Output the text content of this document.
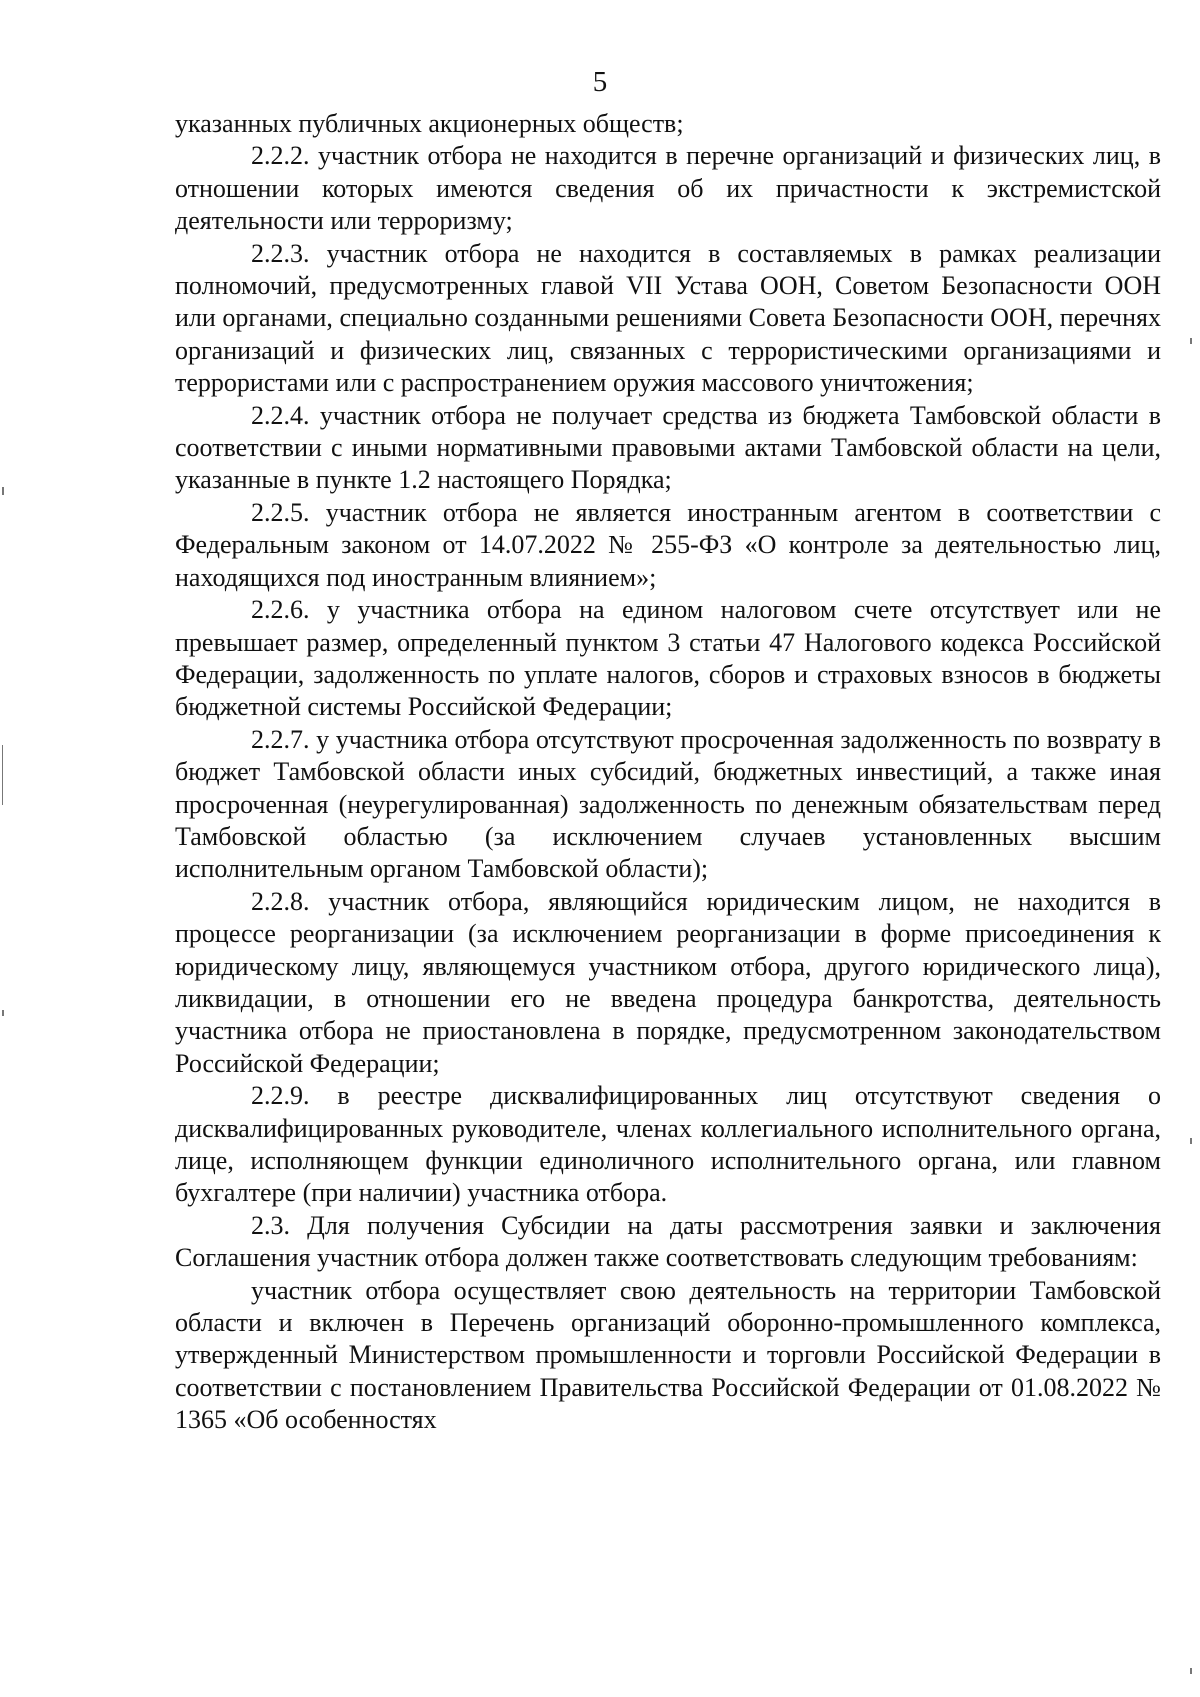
5

указанных публичных акционерных обществ;

2.2.2. участник отбора не находится в перечне организаций и физических лиц, в отношении которых имеются сведения об их причастности к экстремистской деятельности или терроризму;

2.2.3. участник отбора не находится в составляемых в рамках реализации полномочий, предусмотренных главой VII Устава ООН, Советом Безопасности ООН или органами, специально созданными решениями Совета Безопасности ООН, перечнях организаций и физических лиц, связанных с террористическими организациями и террористами или с распространением оружия массового уничтожения;

2.2.4. участник отбора не получает средства из бюджета Тамбовской области в соответствии с иными нормативными правовыми актами Тамбовской области на цели, указанные в пункте 1.2 настоящего Порядка;

2.2.5. участник отбора не является иностранным агентом в соответствии с Федеральным законом от 14.07.2022 № 255-ФЗ «О контроле за деятельностью лиц, находящихся под иностранным влиянием»;

2.2.6. у участника отбора на едином налоговом счете отсутствует или не превышает размер, определенный пунктом 3 статьи 47 Налогового кодекса Российской Федерации, задолженность по уплате налогов, сборов и страховых взносов в бюджеты бюджетной системы Российской Федерации;

2.2.7. у участника отбора отсутствуют просроченная задолженность по возврату в бюджет Тамбовской области иных субсидий, бюджетных инвестиций, а также иная просроченная (неурегулированная) задолженность по денежным обязательствам перед Тамбовской областью (за исключением случаев установленных высшим исполнительным органом Тамбовской области);

2.2.8. участник отбора, являющийся юридическим лицом, не находится в процессе реорганизации (за исключением реорганизации в форме присоединения к юридическому лицу, являющемуся участником отбора, другого юридического лица), ликвидации, в отношении его не введена процедура банкротства, деятельность участника отбора не приостановлена в порядке, предусмотренном законодательством Российской Федерации;

2.2.9. в реестре дисквалифицированных лиц отсутствуют сведения о дисквалифицированных руководителе, членах коллегиального исполнительного органа, лице, исполняющем функции единоличного исполнительного органа, или главном бухгалтере (при наличии) участника отбора.

2.3. Для получения Субсидии на даты рассмотрения заявки и заключения Соглашения участник отбора должен также соответствовать следующим требованиям:

участник отбора осуществляет свою деятельность на территории Тамбовской области и включен в Перечень организаций оборонно-промышленного комплекса, утвержденный Министерством промышленности и торговли Российской Федерации в соответствии с постановлением Правительства Российской Федерации от 01.08.2022 № 1365 «Об особенностях
